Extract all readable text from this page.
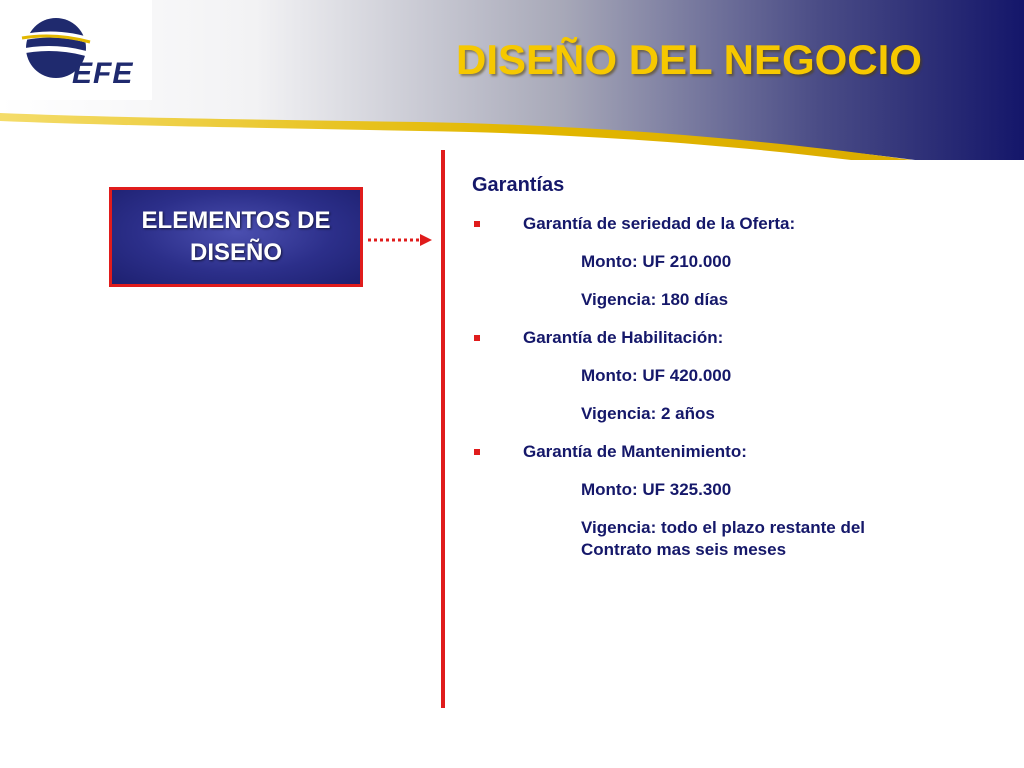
EFE	DISEÑO DEL NEGOCIO
ELEMENTOS DE
DISEÑO
Garantías
Garantía de seriedad de la Oferta:
Monto: UF 210.000
Vigencia: 180 días
Garantía de Habilitación:
Monto: UF 420.000
Vigencia: 2 años
Garantía de Mantenimiento:
Monto: UF 325.300
Vigencia: todo el plazo restante del Contrato mas seis meses
